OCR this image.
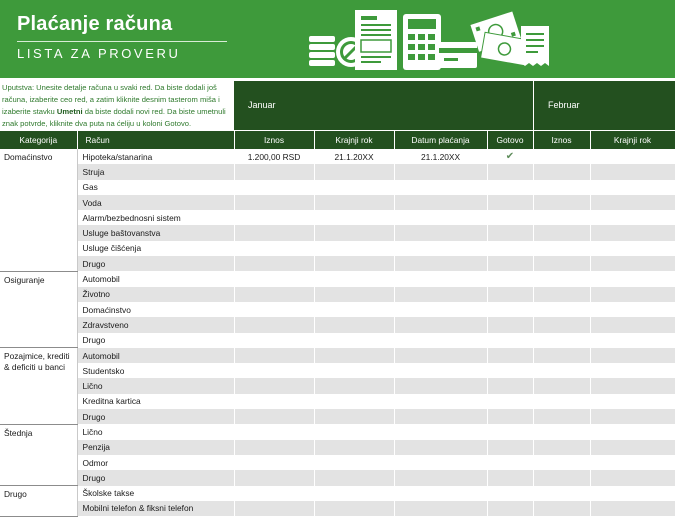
Plaćanje računa
LISTA ZA PROVERU
Uputstva: Unesite detalje računa u svaki red. Da biste dodali još računa, izaberite ceo red, a zatim kliknite desnim tasterom miša i izaberite stavku Umetni da biste dodali novi red. Da biste umetnuli znak potvrde, kliknite dva puta na ćeliju u koloni Gotovo.
Januar	Februar
Kategorija	Račun	Iznos	Krajnji rok	Datum plaćanja	Gotovo	Iznos	Krajnji rok
Domaćinstvo	Hipoteka/stanarina	1.200,00 RSD	21.1.20XX	21.1.20XX	✔		
	Struja						
	Gas						
	Voda						
	Alarm/bezbednosni sistem						
	Usluge baštovanstva						
	Usluge čišćenja						
	Drugo						
Osiguranje	Automobil						
	Životno						
	Domaćinstvo						
	Zdravstveno						
	Drugo						
Pozajmice, krediti
& deficiti u banci	Automobil						
	Studentsko						
	Lično						
	Kreditna kartica						
	Drugo						
Štednja	Lično						
	Penzija						
	Odmor						
	Drugo						
Drugo	Školske takse						
	Mobilni telefon & fiksni telefon						
